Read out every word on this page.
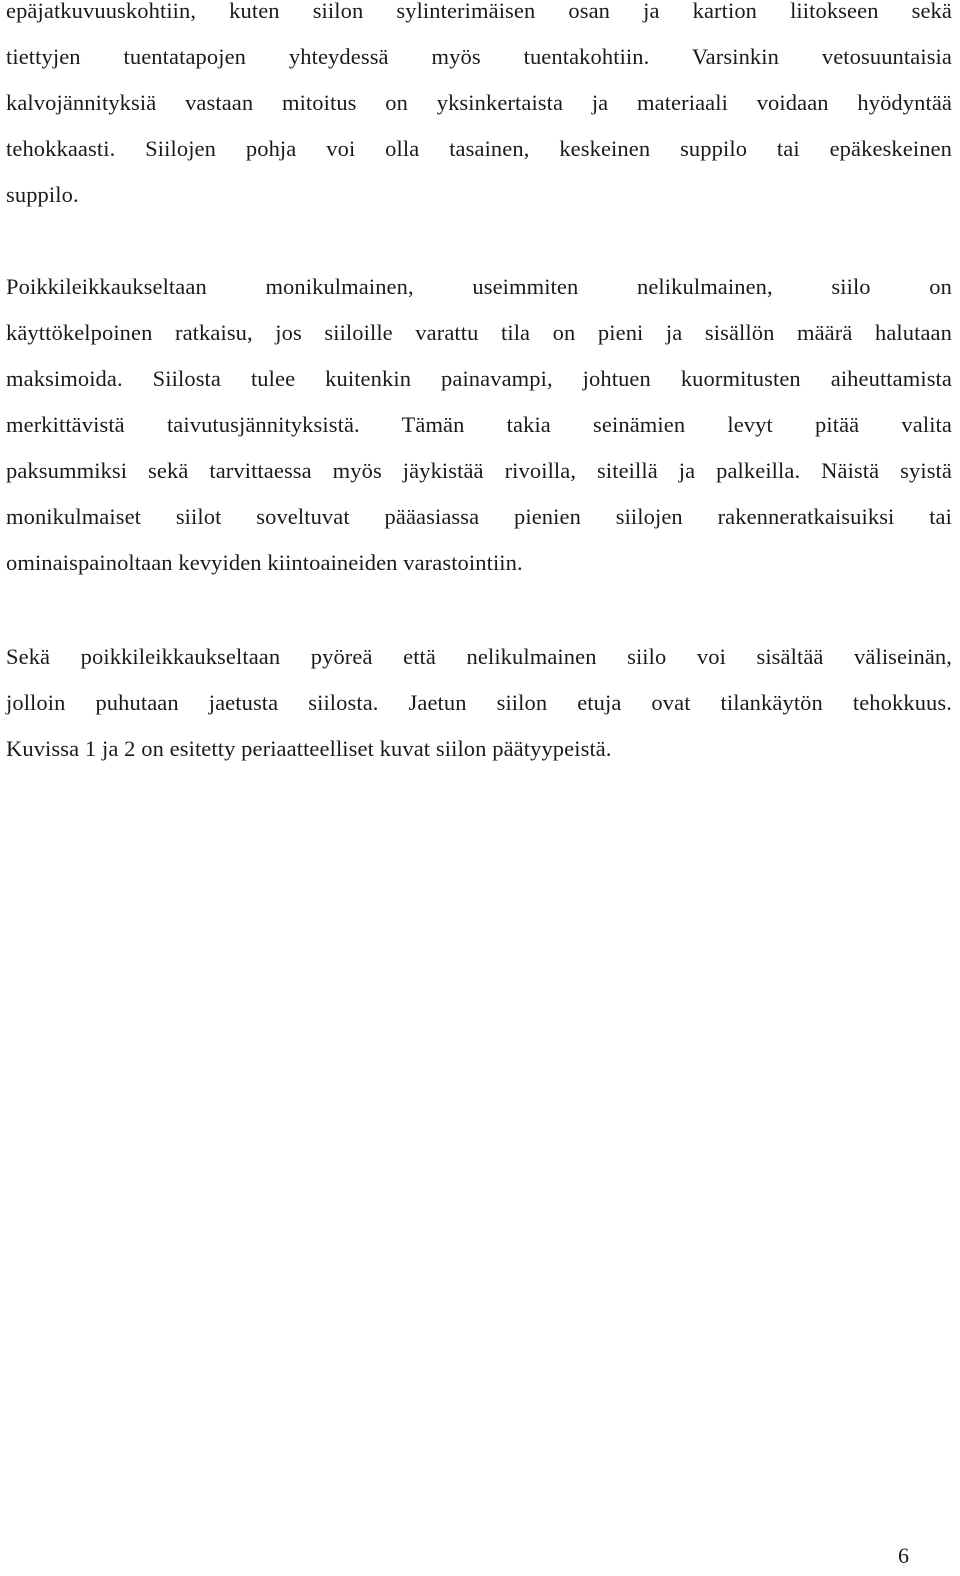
epäjatkuvuuskohtiin, kuten siilon sylinterimäisen osan ja kartion liitokseen sekä
tiettyjen tuentatapojen yhteydessä myös tuentakohtiin. Varsinkin vetosuuntaisia
kalvojännityksiä vastaan mitoitus on yksinkertaista ja materiaali voidaan hyödyntää
tehokkaasti. Siilojen pohja voi olla tasainen, keskeinen suppilo tai epäkeskeinen
suppilo.

Poikkileikkaukseltaan monikulmainen, useimmiten nelikulmainen, siilo on
käyttökelpoinen ratkaisu, jos siiloille varattu tila on pieni ja sisällön määrä halutaan
maksimoida. Siilosta tulee kuitenkin painavampi, johtuen kuormitusten aiheuttamista
merkittävistä taivutusjännityksistä. Tämän takia seinämien levyt pitää valita
paksummiksi sekä tarvittaessa myös jäykistää rivoilla, siteillä ja palkeilla. Näistä syistä
monikulmaiset siilot soveltuvat pääasiassa pienien siilojen rakenneratkaisuiksi tai
ominaispainoltaan kevyiden kiintoaineiden varastointiin.

Sekä poikkileikkaukseltaan pyöreä että nelikulmainen siilo voi sisältää väliseinän,
jolloin puhutaan jaetusta siilosta. Jaetun siilon etuja ovat tilankäytön tehokkuus.
Kuvissa 1 ja 2 on esitetty periaatteelliset kuvat siilon päätyypeistä.

6
